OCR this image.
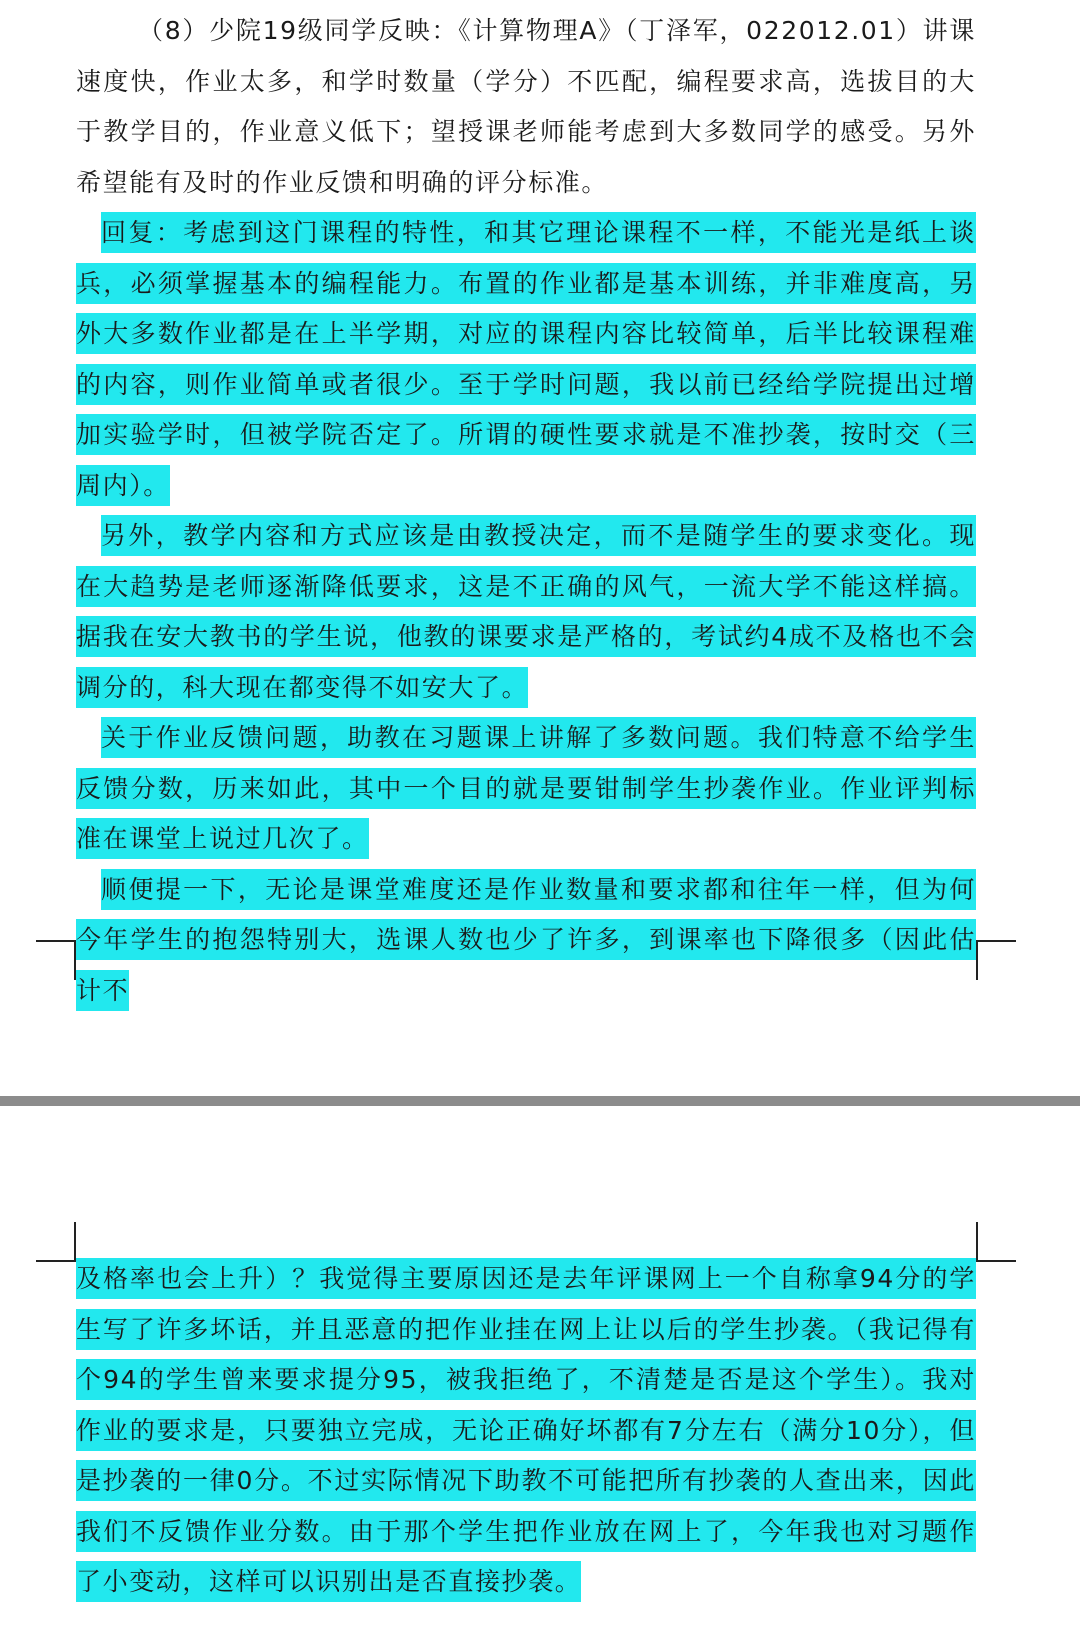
（8）少院19级同学反映：《计算物理A》（丁泽军，022012.01）讲课速度快，作业太多，和学时数量（学分）不匹配，编程要求高，选拔目的大于教学目的，作业意义低下；望授课老师能考虑到大多数同学的感受。另外希望能有及时的作业反馈和明确的评分标准。

回复：考虑到这门课程的特性，和其它理论课程不一样，不能光是纸上谈兵，必须掌握基本的编程能力。布置的作业都是基本训练，并非难度高，另外大多数作业都是在上半学期，对应的课程内容比较简单，后半比较课程难的内容，则作业简单或者很少。至于学时问题，我以前已经给学院提出过增加实验学时，但被学院否定了。所谓的硬性要求就是不准抄袭，按时交（三周内）。

另外，教学内容和方式应该是由教授决定，而不是随学生的要求变化。现在大趋势是老师逐渐降低要求，这是不正确的风气，一流大学不能这样搞。据我在安大教书的学生说，他教的课要求是严格的，考试约4成不及格也不会调分的，科大现在都变得不如安大了。

关于作业反馈问题，助教在习题课上讲解了多数问题。我们特意不给学生反馈分数，历来如此，其中一个目的就是要钳制学生抄袭作业。作业评判标准在课堂上说过几次了。

顺便提一下，无论是课堂难度还是作业数量和要求都和往年一样，但为何今年学生的抱怨特别大，选课人数也少了许多，到课率也下降很多（因此估计不

及格率也会上升）？我觉得主要原因还是去年评课网上一个自称拿94分的学生写了许多坏话，并且恶意的把作业挂在网上让以后的学生抄袭。（我记得有个94的学生曾来要求提分95，被我拒绝了，不清楚是否是这个学生）。我对作业的要求是，只要独立完成，无论正确好坏都有7分左右（满分10分），但是抄袭的一律0分。不过实际情况下助教不可能把所有抄袭的人查出来，因此我们不反馈作业分数。由于那个学生把作业放在网上了，今年我也对习题作了小变动，这样可以识别出是否直接抄袭。
